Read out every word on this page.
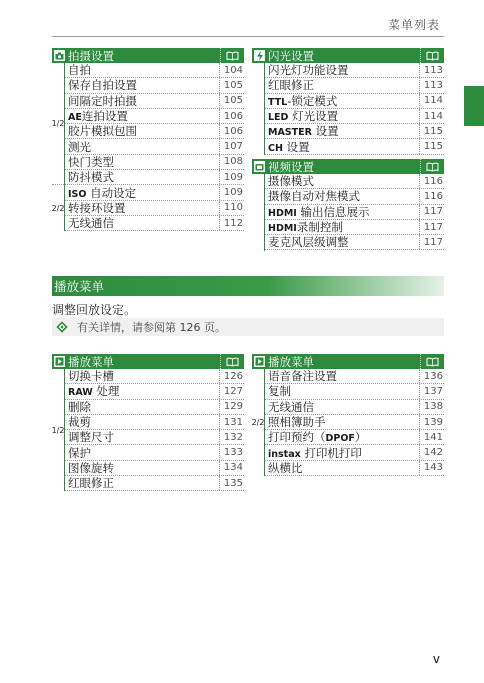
菜单列表
拍摄设置
1/2
2/2
自拍	104
保存自拍设置	105
间隔定时拍摄	105
AE连拍设置	106
胶片模拟包围	106
测光	107
快门类型	108
防抖模式	109
ISO 自动设定	109
转接环设置	110
无线通信	112
闪光设置
闪光灯功能设置	113
红眼修正	113
TTL-锁定模式	114
LED 灯光设置	114
MASTER 设置	115
CH 设置	115
视频设置
摄像模式	116
摄像自动对焦模式	116
HDMI 输出信息展示	117
HDMI录制控制	117
麦克风层级调整	117
播放菜单
调整回放设定。
有关详情，请参阅第 126 页。
播放菜单
1/2
切换卡槽	126
RAW 处理	127
删除	129
裁剪	131
调整尺寸	132
保护	133
图像旋转	134
红眼修正	135
播放菜单
2/2
语音备注设置	136
复制	137
无线通信	138
照相簿助手	139
打印预约（DPOF）	141
instax 打印机打印	142
纵横比	143
v
